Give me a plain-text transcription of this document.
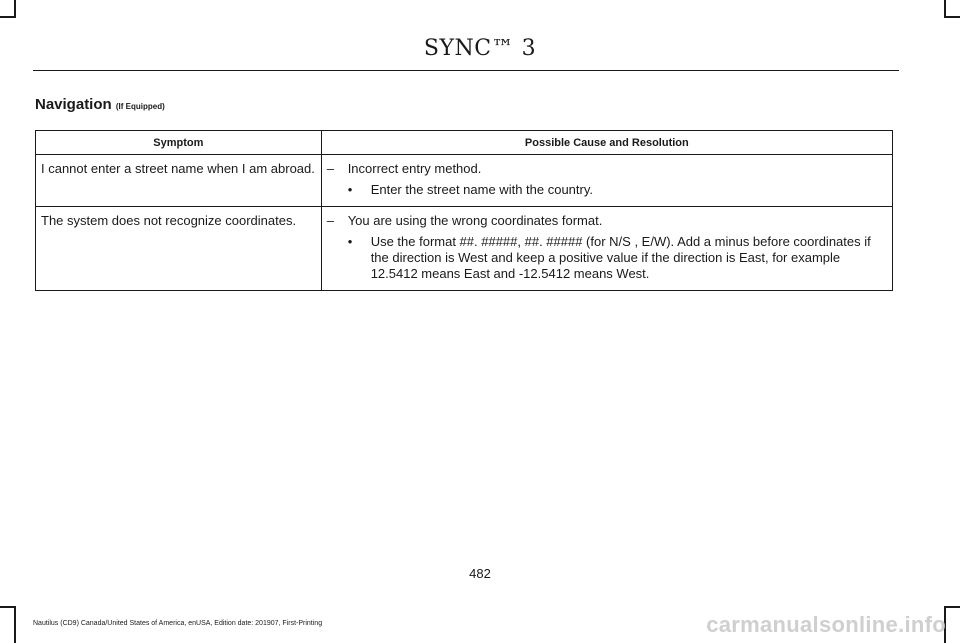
SYNC™ 3
Navigation (If Equipped)
Symptom	Possible Cause and Resolution
I cannot enter a street name when I am abroad.	– Incorrect entry method.
• Enter the street name with the country.

The system does not recognize coordinates.	– You are using the wrong coordinates format.
• Use the format ##. #####, ##. ##### (for N/S , E/W). Add a minus before coordinates if the direction is West and keep a positive value if the direction is East, for example 12.5412 means East and -12.5412 means West.
482
Nautilus (CD9) Canada/United States of America, enUSA, Edition date: 201907, First-Printing	carmanualsonline.info
